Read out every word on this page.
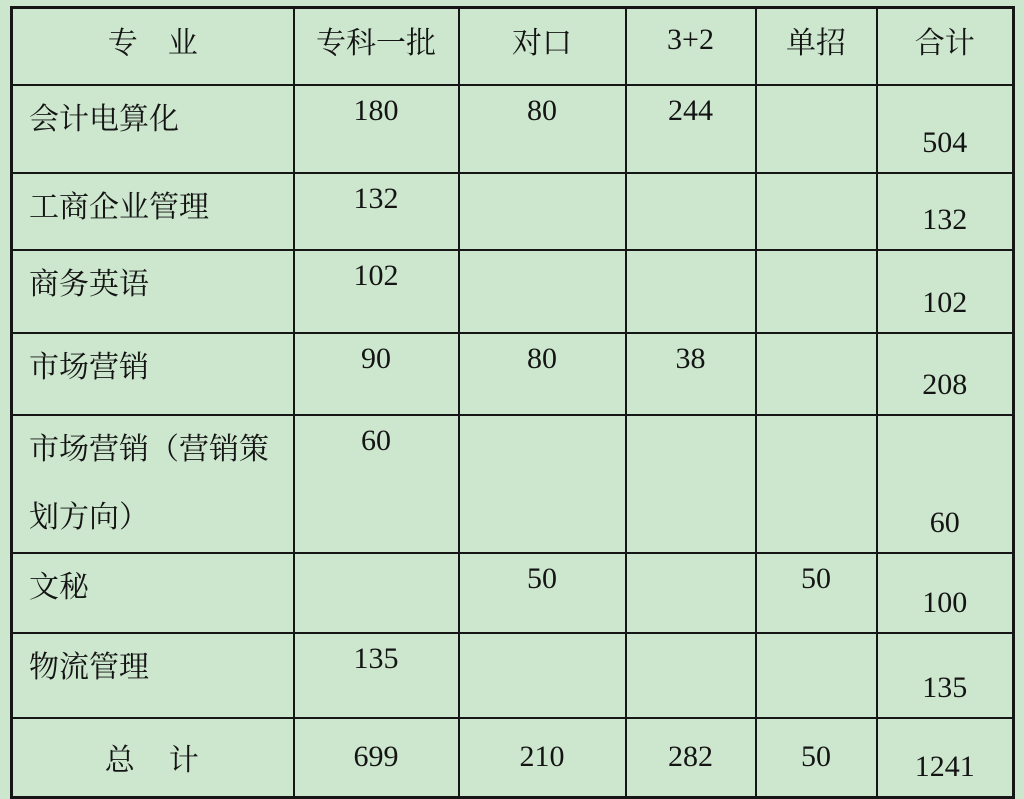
专　业	专科一批	对口	3+2	单招	合计
会计电算化	180	80	244		504
工商企业管理	132				132
商务英语	102				102
市场营销	90	80	38		208
市场营销（营销策划方向）	60				60
文秘		50		50	100
物流管理	135				135
总　计	699	210	282	50	1241
